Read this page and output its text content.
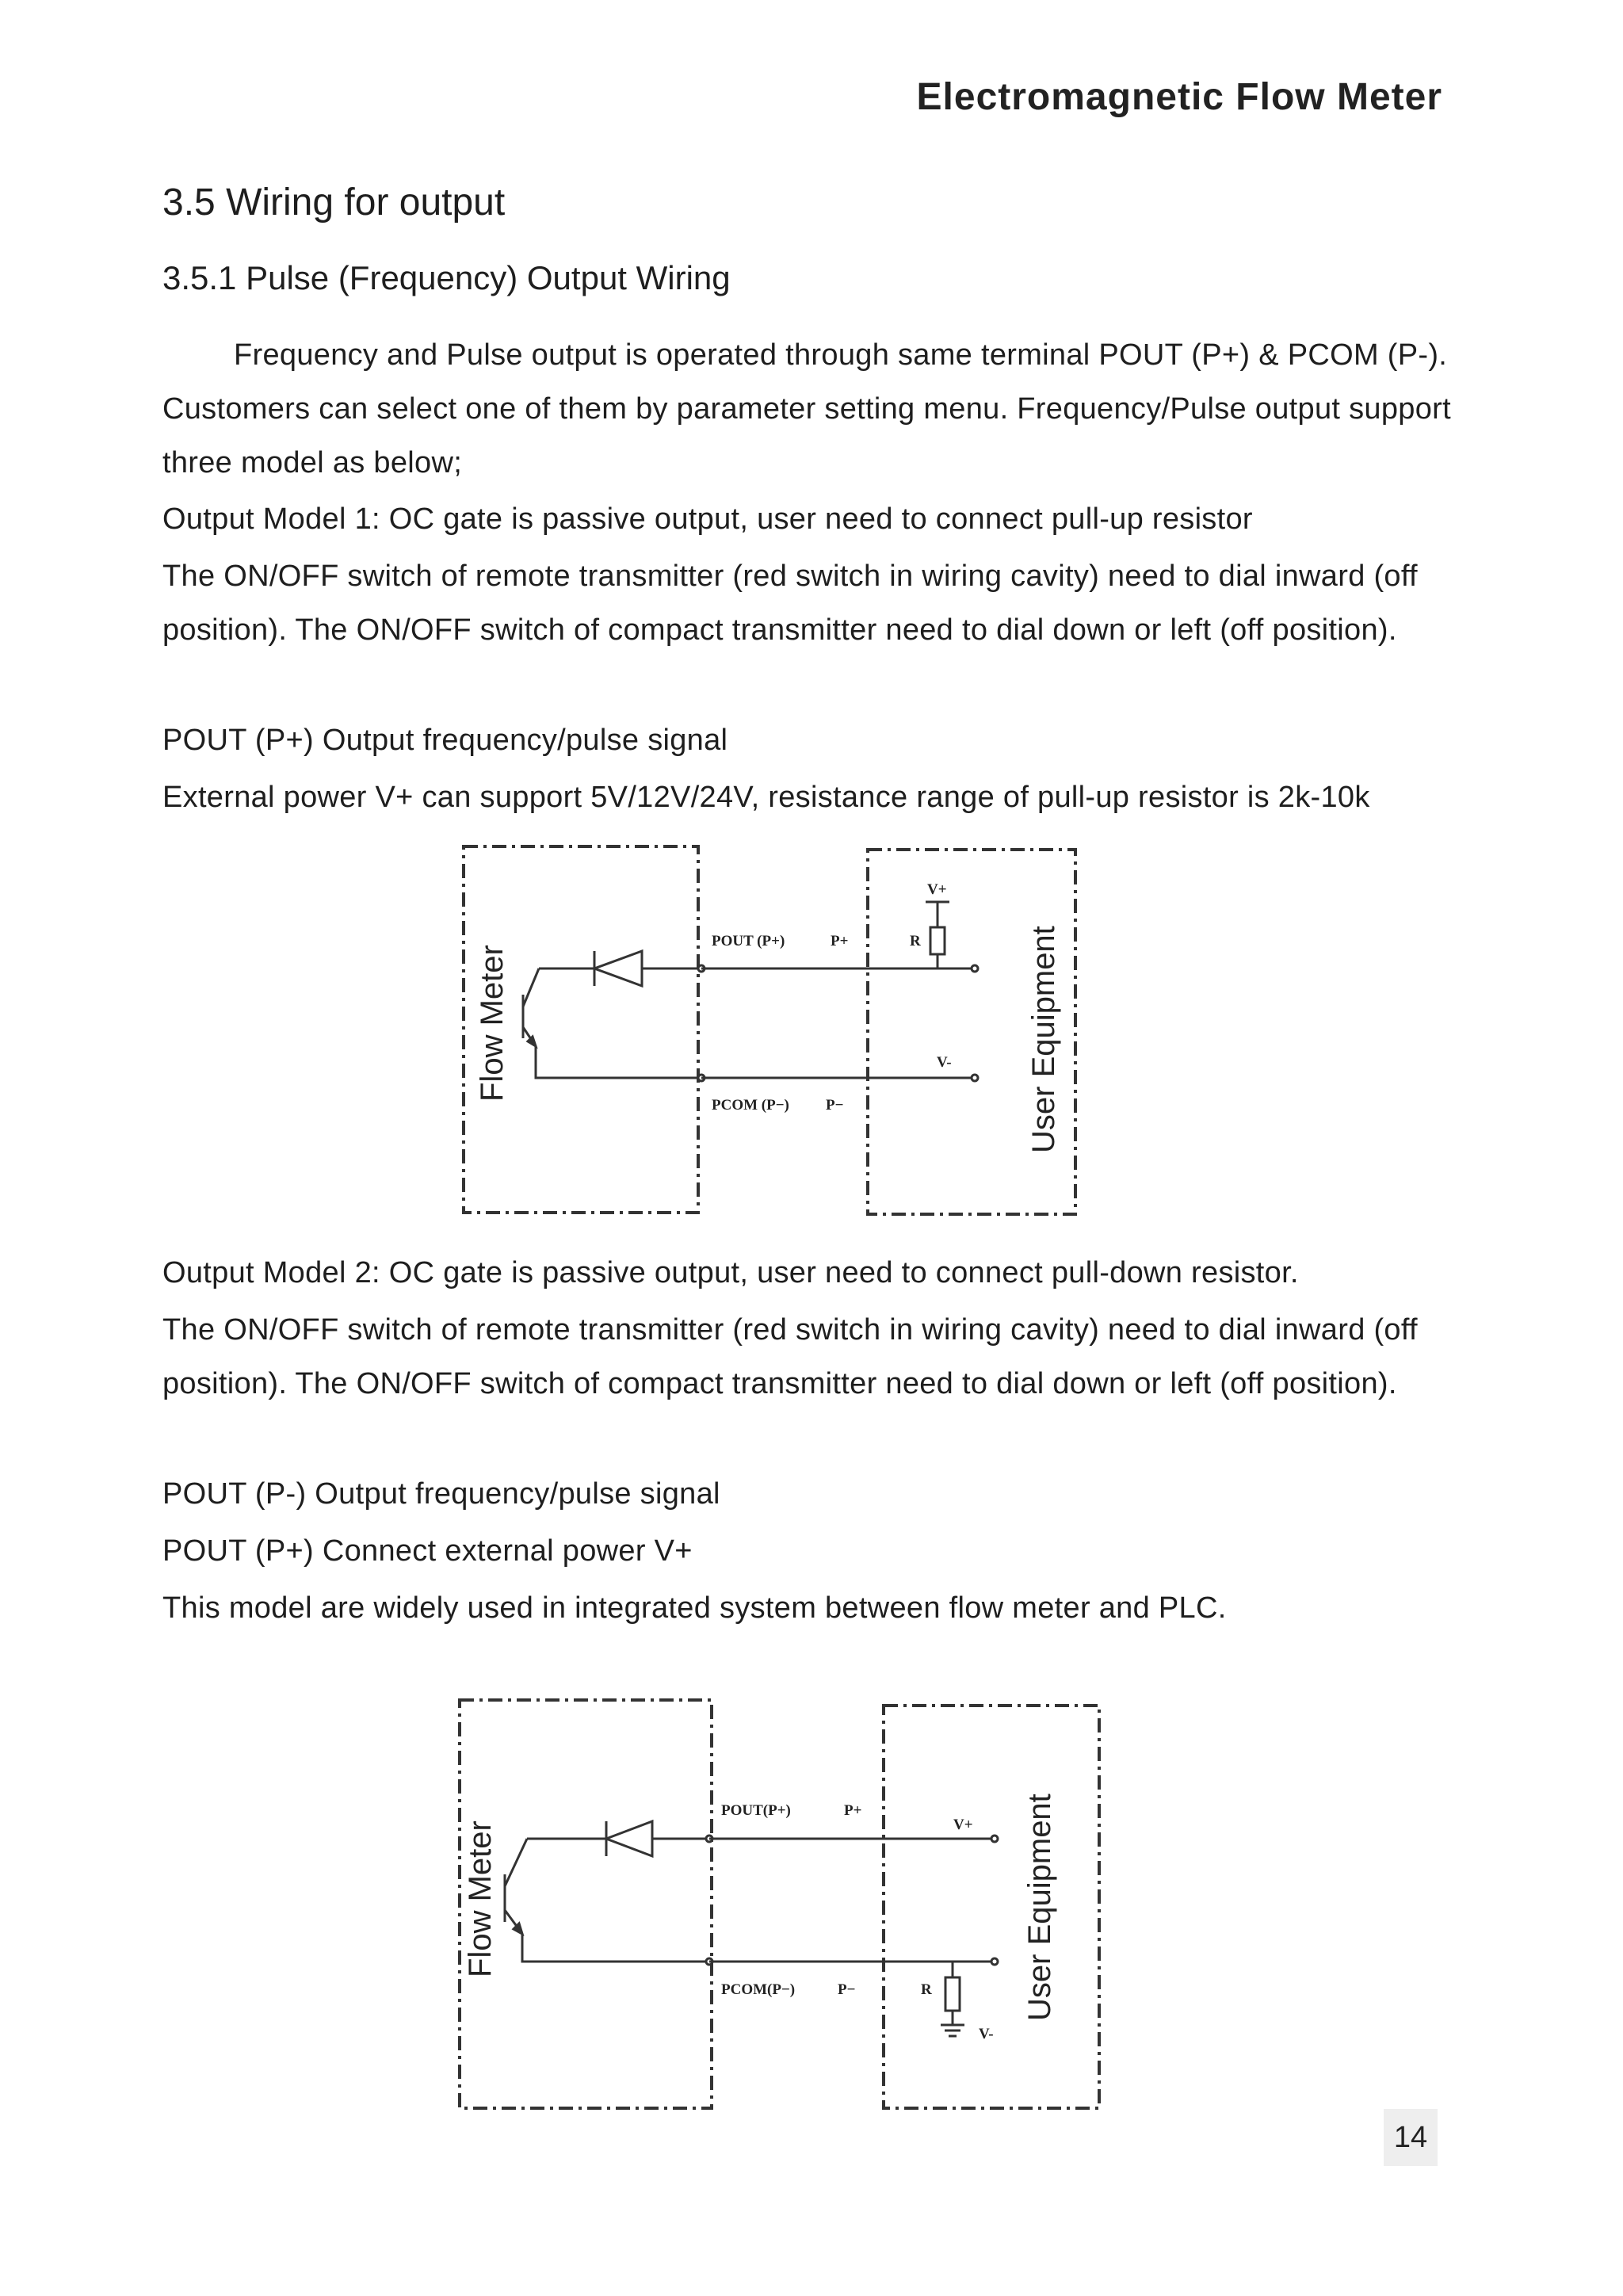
Electromagnetic Flow Meter
3.5 Wiring for output
3.5.1 Pulse (Frequency) Output Wiring
Frequency and Pulse output is operated through same terminal POUT (P+) & PCOM (P-). Customers can select one of them by parameter setting menu. Frequency/Pulse output support three model as below;
Output Model 1: OC gate is passive output, user need to connect pull-up resistor
The ON/OFF switch of remote transmitter (red switch in wiring cavity) need to dial inward (off position). The ON/OFF switch of compact transmitter need to dial down or left (off position).
POUT (P+) Output frequency/pulse signal
External power V+ can support 5V/12V/24V, resistance range of pull-up resistor is 2k-10k
POUT (P+)	P+
PCOM (P−) P−
V+
R
V-
Flow Meter	User Equipment
Output Model 2: OC gate is passive output, user need to connect pull-down resistor.
The ON/OFF switch of remote transmitter (red switch in wiring cavity) need to dial inward (off position). The ON/OFF switch of compact transmitter need to dial down or left (off position).
POUT (P-) Output frequency/pulse signal
POUT (P+) Connect external power V+
This model are widely used in integrated system between flow meter and PLC.
POUT(P+)	P+
PCOM(P−)	P−
V+
R
V-
Flow Meter	User Equipment
14
